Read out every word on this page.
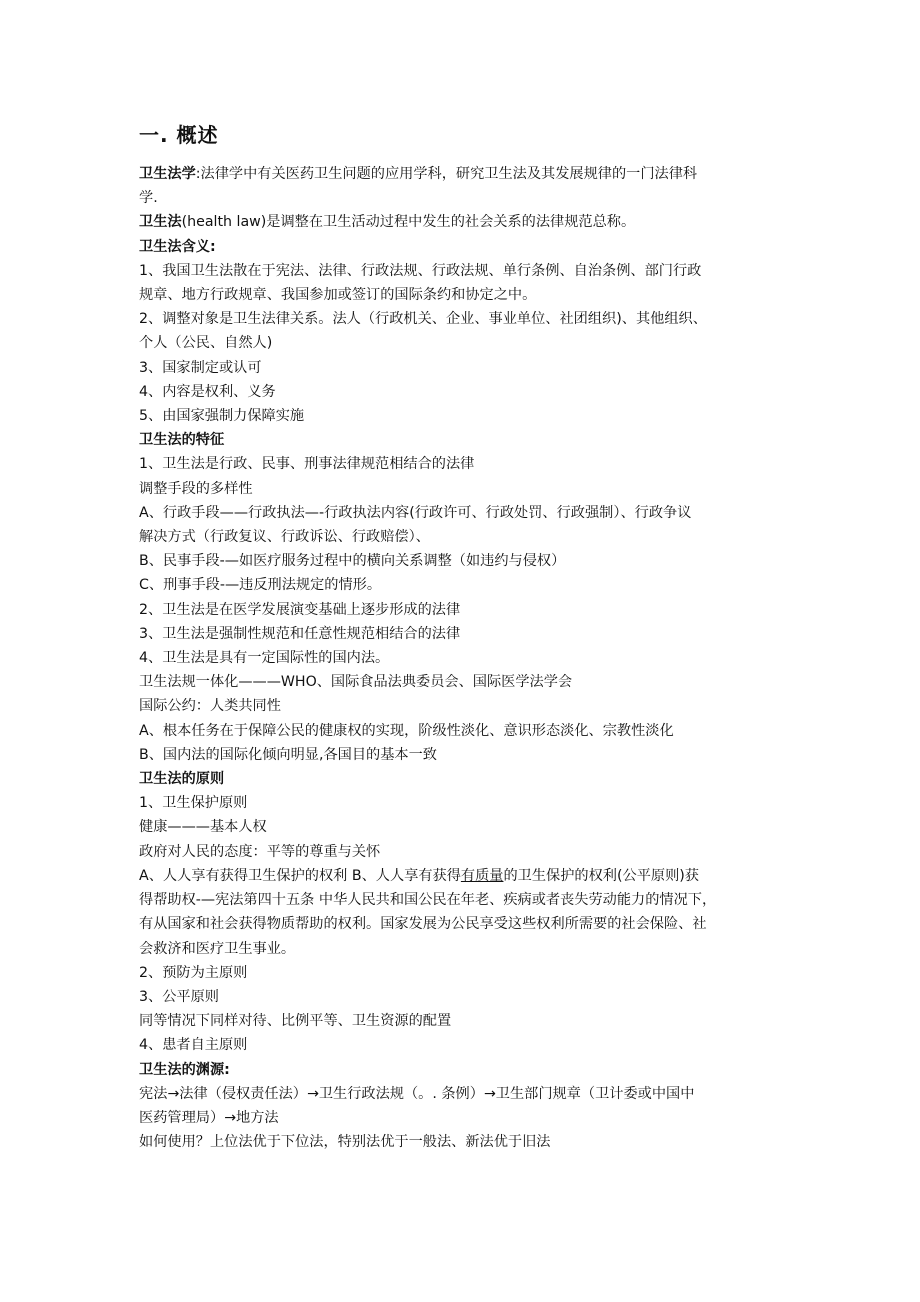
一. 概述
卫生法学:法律学中有关医药卫生问题的应用学科，研究卫生法及其发展规律的一门法律科
学.
卫生法(health law)是调整在卫生活动过程中发生的社会关系的法律规范总称。
卫生法含义:
1、我国卫生法散在于宪法、法律、行政法规、行政法规、单行条例、自治条例、部门行政
规章、地方行政规章、我国参加或签订的国际条约和协定之中。
2、调整对象是卫生法律关系。法人（行政机关、企业、事业单位、社团组织)、其他组织、
个人（公民、自然人)
3、国家制定或认可
4、内容是权利、义务
5、由国家强制力保障实施
卫生法的特征
1、卫生法是行政、民事、刑事法律规范相结合的法律
调整手段的多样性
A、行政手段——行政执法—-行政执法内容(行政许可、行政处罚、行政强制）、行政争议
解决方式（行政复议、行政诉讼、行政赔偿）、
B、民事手段-—如医疗服务过程中的横向关系调整（如违约与侵权）
C、刑事手段-—违反刑法规定的情形。
2、卫生法是在医学发展演变基础上逐步形成的法律
3、卫生法是强制性规范和任意性规范相结合的法律
4、卫生法是具有一定国际性的国内法。
卫生法规一体化———WHO、国际食品法典委员会、国际医学法学会
国际公约：人类共同性
A、根本任务在于保障公民的健康权的实现，阶级性淡化、意识形态淡化、宗教性淡化
B、国内法的国际化倾向明显,各国目的基本一致
卫生法的原则
1、卫生保护原则
健康———基本人权
政府对人民的态度：平等的尊重与关怀
A、人人享有获得卫生保护的权利 B、人人享有获得有质量的卫生保护的权利(公平原则)获
得帮助权-—宪法第四十五条 中华人民共和国公民在年老、疾病或者丧失劳动能力的情况下，
有从国家和社会获得物质帮助的权利。国家发展为公民享受这些权利所需要的社会保险、社
会救济和医疗卫生事业。
2、预防为主原则
3、公平原则
同等情况下同样对待、比例平等、卫生资源的配置
4、患者自主原则
卫生法的渊源:
宪法→法律（侵权责任法）→卫生行政法规（。. 条例）→卫生部门规章（卫计委或中国中
医药管理局）→地方法
如何使用？上位法优于下位法，特别法优于一般法、新法优于旧法
